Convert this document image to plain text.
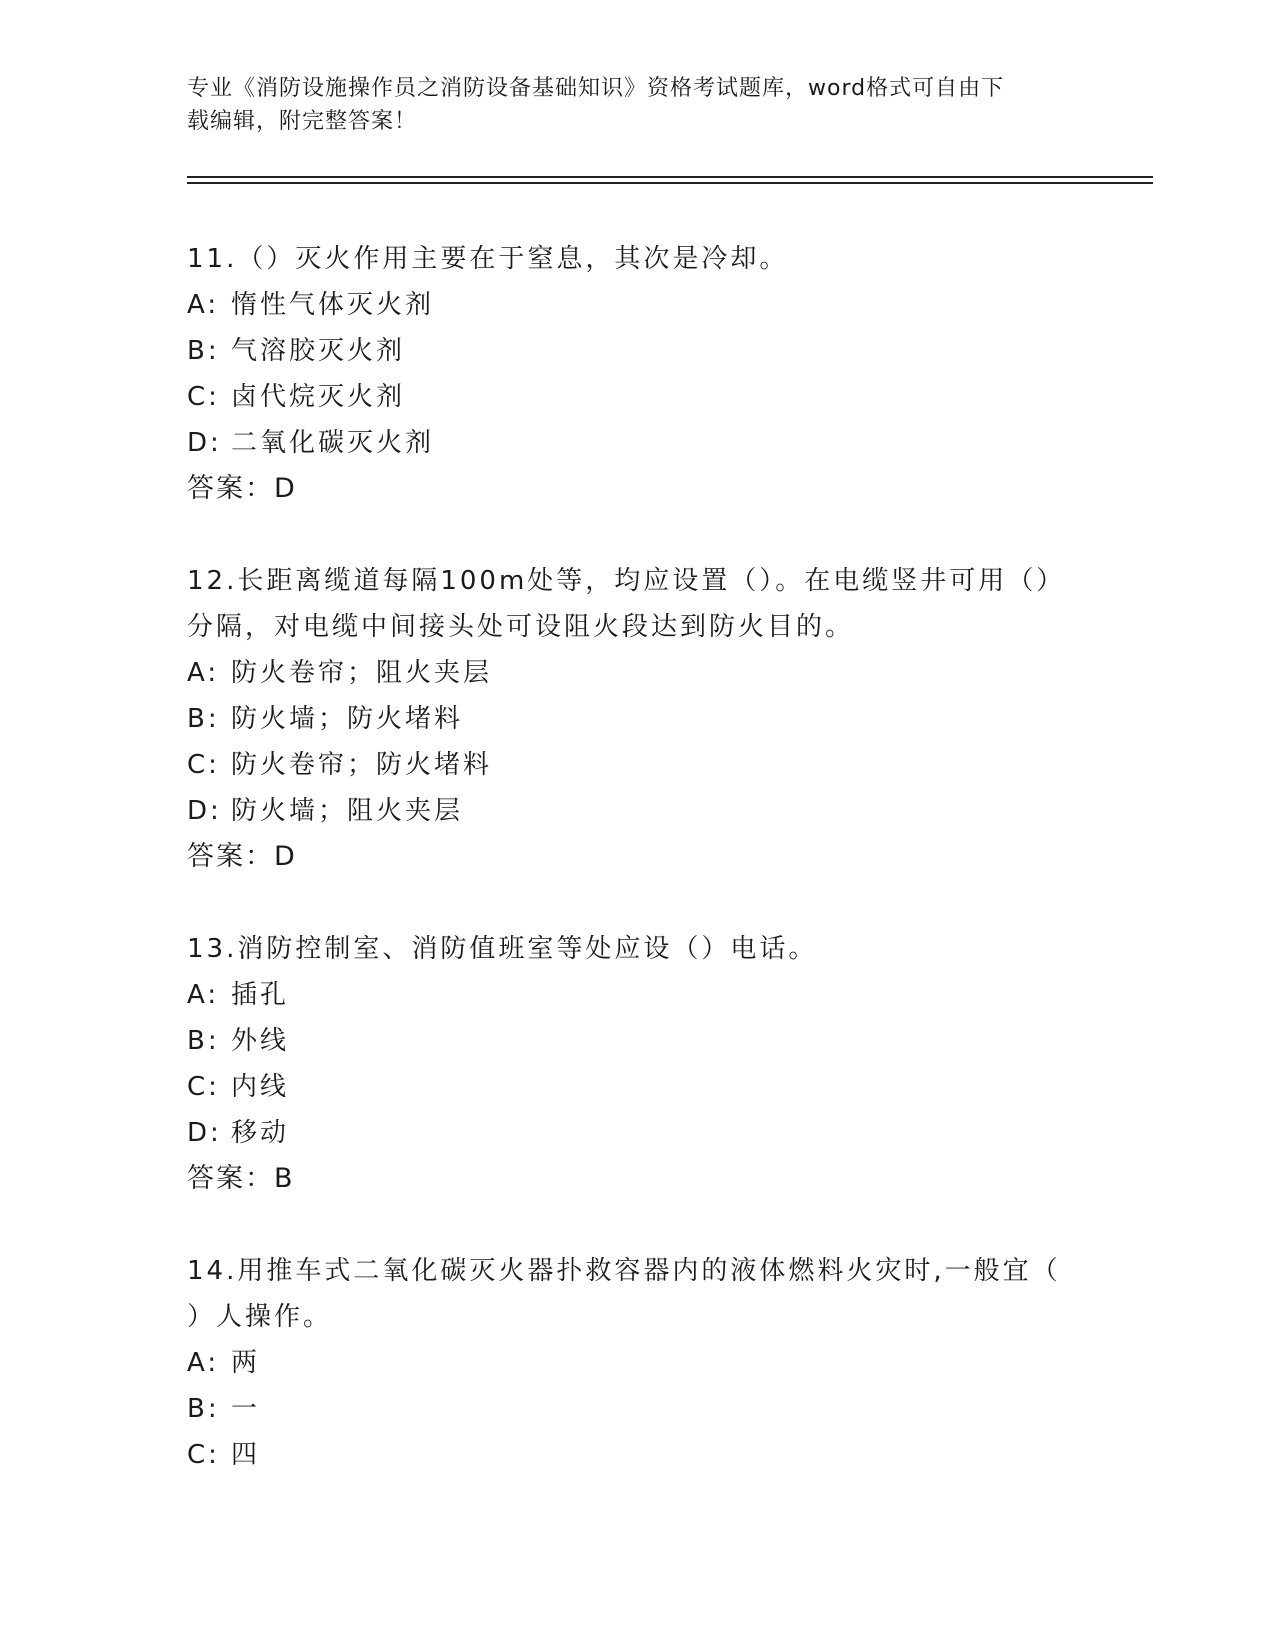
专业《消防设施操作员之消防设备基础知识》资格考试题库，word格式可自由下
载编辑，附完整答案！
11.（）灭火作用主要在于窒息，其次是冷却。
A: 惰性气体灭火剂
B: 气溶胶灭火剂
C: 卤代烷灭火剂
D: 二氧化碳灭火剂
答案：D
12.长距离缆道每隔100m处等，均应设置（）。在电缆竖井可用（）
分隔，对电缆中间接头处可设阻火段达到防火目的。
A: 防火卷帘；阻火夹层
B: 防火墙；防火堵料
C: 防火卷帘；防火堵料
D: 防火墙；阻火夹层
答案：D
13.消防控制室、消防值班室等处应设（）电话。
A: 插孔
B: 外线
C: 内线
D: 移动
答案：B
14.用推车式二氧化碳灭火器扑救容器内的液体燃料火灾时,一般宜（
）人操作。
A: 两
B: 一
C: 四
